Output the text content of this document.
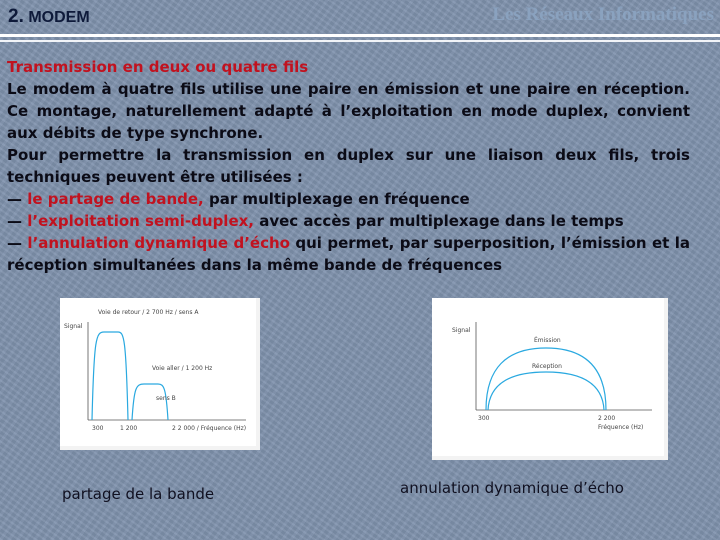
2. MODEM	Les Réseaux Informatiques

Transmission en deux ou quatre fils

Le modem à quatre fils utilise une paire en émission et une paire en réception. Ce montage, naturellement adapté à l’exploitation en mode duplex, convient aux débits de type synchrone.

Pour permettre la transmission en duplex sur une liaison deux fils, trois techniques peuvent être utilisées :

— le partage de bande, par multiplexage en fréquence

— l’exploitation semi-duplex, avec accès par multiplexage dans le temps

— l’annulation dynamique d’écho qui permet, par superposition, l’émission et la réception simultanées dans la même bande de fréquences

Signal
Voie de retour / 2 700 Hz / sens A
Voie aller / 1 200 Hz
sens B
300	1 200	2 2 000 / Fréquence (Hz)
Signal
Émission
Réception
300	2 200
Fréquence (Hz)
partage de la bande	annulation dynamique d’écho
